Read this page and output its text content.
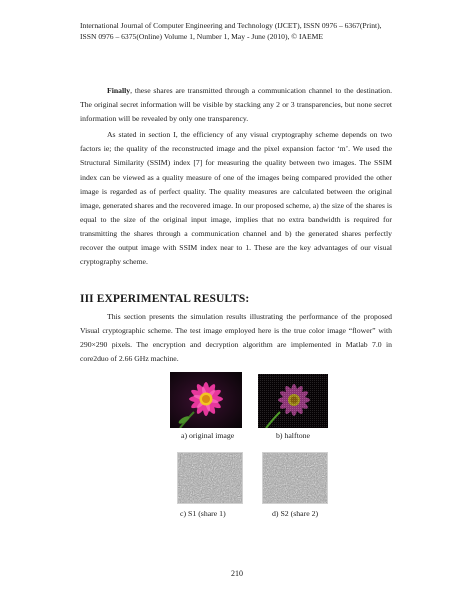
International Journal of Computer Engineering and Technology (IJCET), ISSN 0976 – 6367(Print),
ISSN 0976 – 6375(Online) Volume 1, Number 1, May - June (2010), © IAEME

Finally, these shares are transmitted through a communication channel to the destination. The original secret information will be visible by stacking any 2 or 3 transparencies, but none secret information will be revealed by only one transparency.

As stated in section I, the efficiency of any visual cryptography scheme depends on two factors ie; the quality of the reconstructed image and the pixel expansion factor ‘m’. We used the Structural Similarity (SSIM) index [7] for measuring the quality between two images. The SSIM index can be viewed as a quality measure of one of the images being compared provided the other image is regarded as of perfect quality. The quality measures are calculated between the original image, generated shares and the recovered image. In our proposed scheme, a) the size of the shares is equal to the size of the original input image, implies that no extra bandwidth is required for transmitting the shares through a communication channel and b) the generated shares perfectly recover the output image with SSIM index near to 1. These are the key advantages of our visual cryptography scheme.

III EXPERIMENTAL RESULTS:

This section presents the simulation results illustrating the performance of the proposed Visual cryptographic scheme. The test image employed here is the true color image “flower” with 290×290 pixels. The encryption and decryption algorithm are implemented in Matlab 7.0 in core2duo of 2.66 GHz machine.

a) original image	b) halftone
c) S1 (share 1)	d) S2 (share 2)
210
